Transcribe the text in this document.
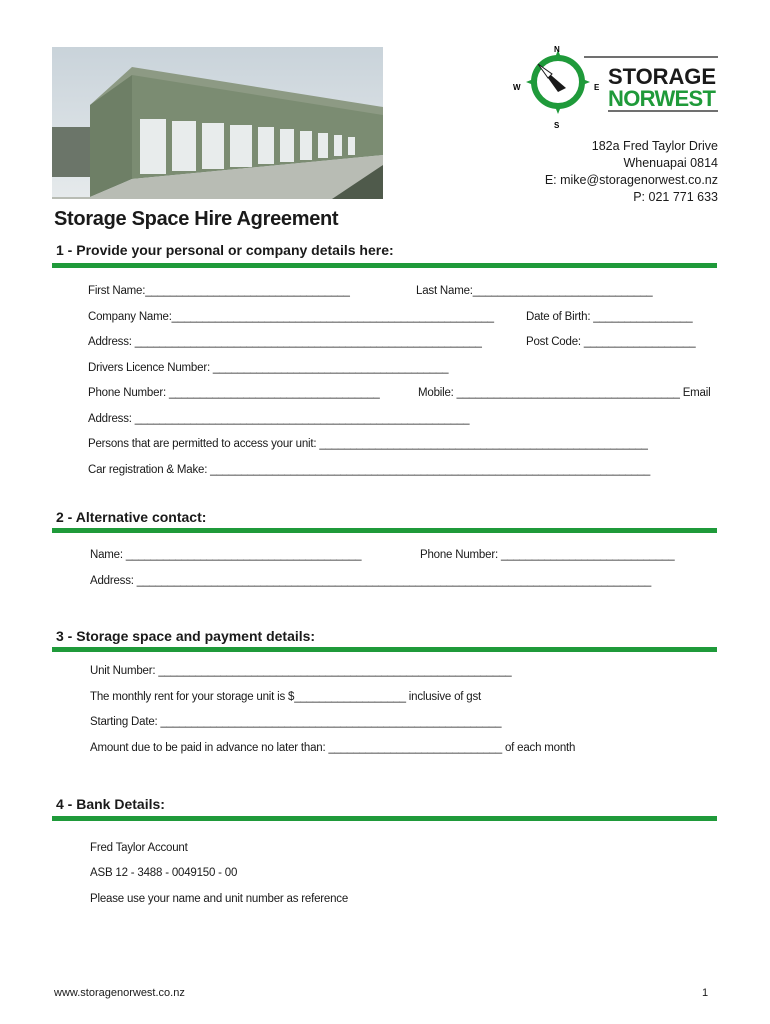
N
S
W	E STORAGE
NORWEST
182a Fred Taylor Drive
Whenuapai 0814
E: mike@storagenorwest.co.nz
P: 021 771 633
Storage Space Hire Agreement
1 - Provide your personal or company details here:
First Name:_________________________________	Last Name:_____________________________
Company Name:____________________________________________________	Date of Birth: ________________
Address: ________________________________________________________	Post Code: __________________
Drivers Licence Number: ______________________________________
Phone Number: __________________________________	Mobile: ____________________________________ Email
Address: ______________________________________________________
Persons that are permitted to access your unit: _____________________________________________________
Car registration & Make: _______________________________________________________________________
2 - Alternative contact:
Name: ______________________________________	Phone Number: ____________________________
Address: ___________________________________________________________________________________
3 - Storage space and payment details:
Unit Number: _________________________________________________________
The monthly rent for your storage unit is $__________________ inclusive of gst
Starting Date: _______________________________________________________
Amount due to be paid in advance no later than: ____________________________ of each month
4 - Bank Details:
Fred Taylor Account
ASB 12 - 3488 - 0049150 - 00
Please use your name and unit number as reference
www.storagenorwest.co.nz	1
